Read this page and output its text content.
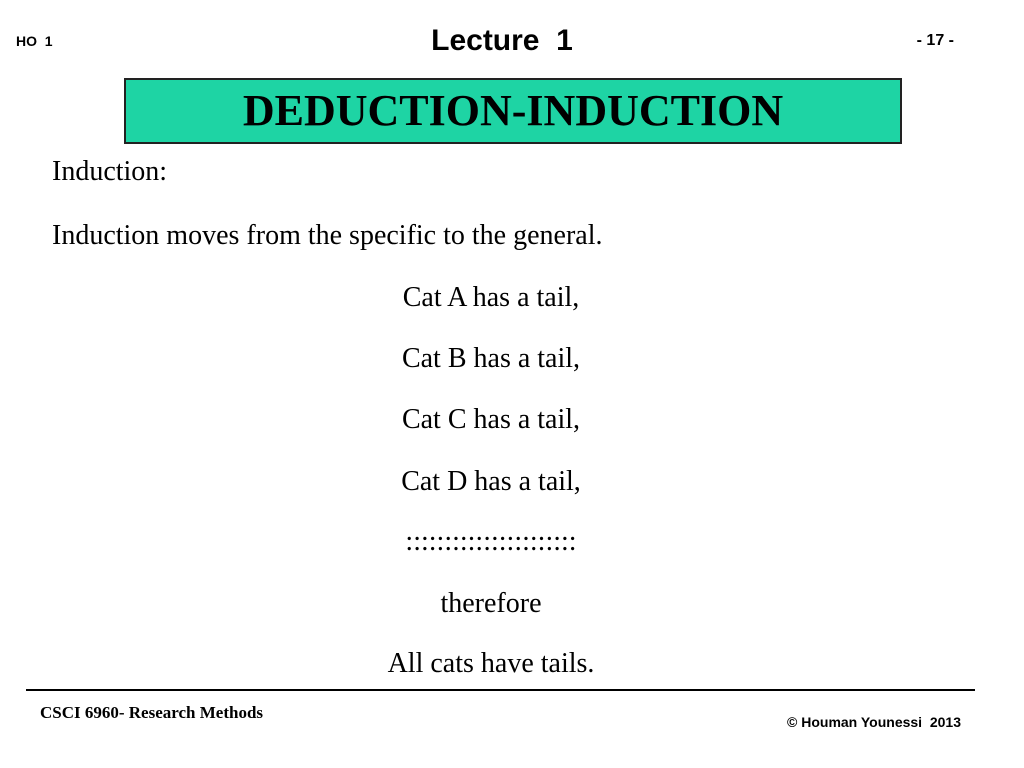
HO  1	Lecture  1	- 17 -
DEDUCTION-INDUCTION
Induction:
Induction moves from the specific to the general.
Cat A has a tail,
Cat B has a tail,
Cat C has a tail,
Cat D has a tail,
::::::::::::::::::::::
therefore
All cats have tails.
CSCI 6960- Research Methods	© Houman Younessi  2013
